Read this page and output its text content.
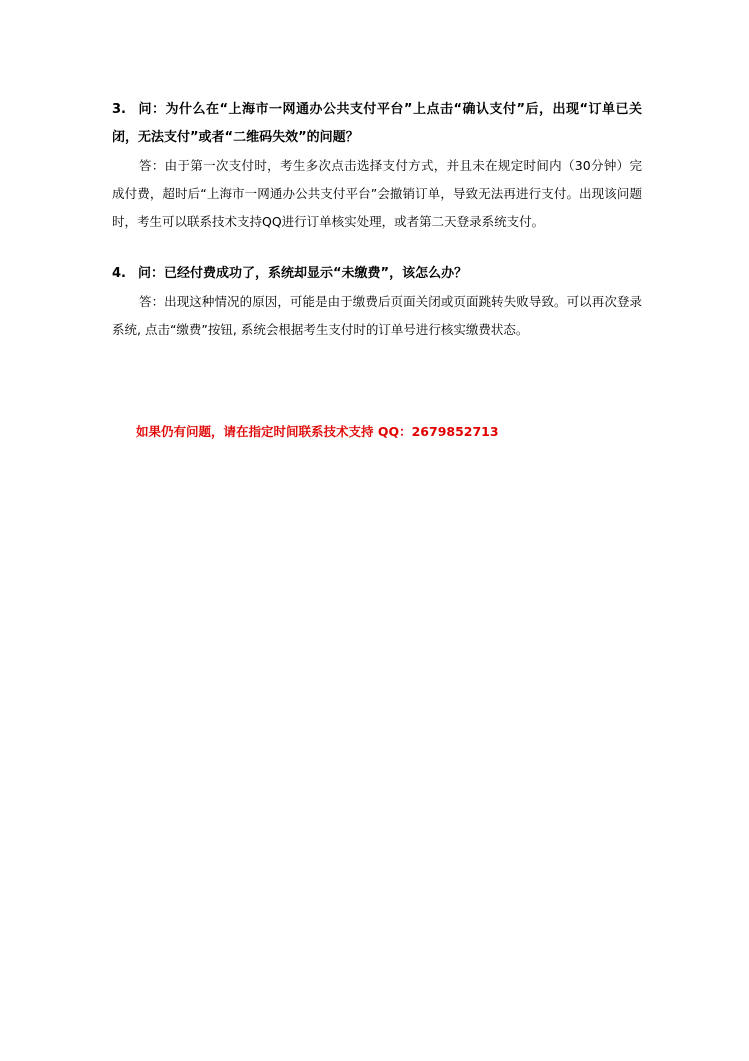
3. 问：为什么在“上海市一网通办公共支付平台”上点击“确认支付”后，出现“订单已关闭，无法支付”或者“二维码失效”的问题？

答：由于第一次支付时，考生多次点击选择支付方式，并且未在规定时间内（30分钟）完成付费，超时后“上海市一网通办公共支付平台”会撤销订单，导致无法再进行支付。出现该问题时，考生可以联系技术支持QQ进行订单核实处理，或者第二天登录系统支付。

4. 问：已经付费成功了，系统却显示“未缴费”，该怎么办？

答：出现这种情况的原因，可能是由于缴费后页面关闭或页面跳转失败导致。可以再次登录系统, 点击“缴费”按钮, 系统会根据考生支付时的订单号进行核实缴费状态。

如果仍有问题，请在指定时间联系技术支持 QQ：2679852713
